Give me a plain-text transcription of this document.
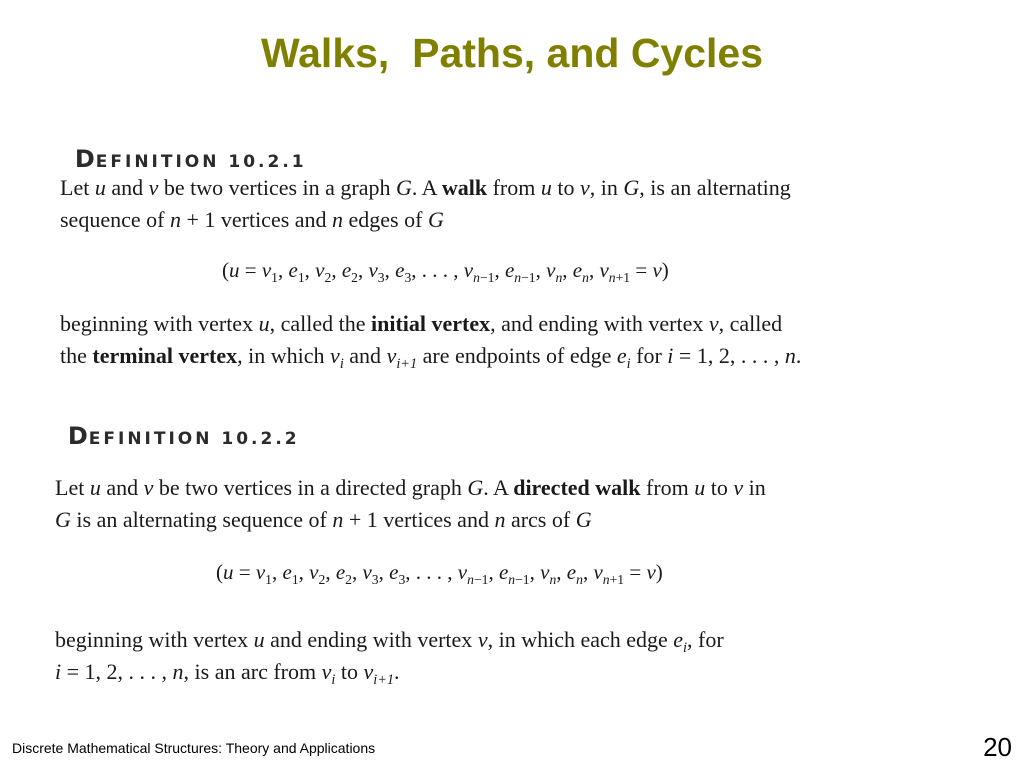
Walks,  Paths, and Cycles

DEFINITION 10.2.1

Let u and v be two vertices in a graph G. A walk from u to v, in G, is an alternating
sequence of n + 1 vertices and n edges of G
($u = v_1$, $e_1$, $v_2$, $e_2$, $v_3$, $e_3$, . . . , $v_{n-1}$, $e_{n-1}$, $v_n$, $e_n$, $v_{n+1} = v$)
beginning with vertex u, called the initial vertex, and ending with vertex v, called
the terminal vertex, in which $v_i$ and $v_{i+1}$ are endpoints of edge $e_i$ for i = 1, 2, . . . , n.

DEFINITION 10.2.2

Let u and v be two vertices in a directed graph G. A directed walk from u to v in
G is an alternating sequence of n + 1 vertices and n arcs of G
($u = v_1$, $e_1$, $v_2$, $e_2$, $v_3$, $e_3$, . . . , $v_{n-1}$, $e_{n-1}$, $v_n$, $e_n$, $v_{n+1} = v$)
beginning with vertex u and ending with vertex v, in which each edge $e_i$, for
i = 1, 2, . . . , n, is an arc from $v_i$ to $v_{i+1}$.
Discrete Mathematical Structures: Theory and Applications	20
